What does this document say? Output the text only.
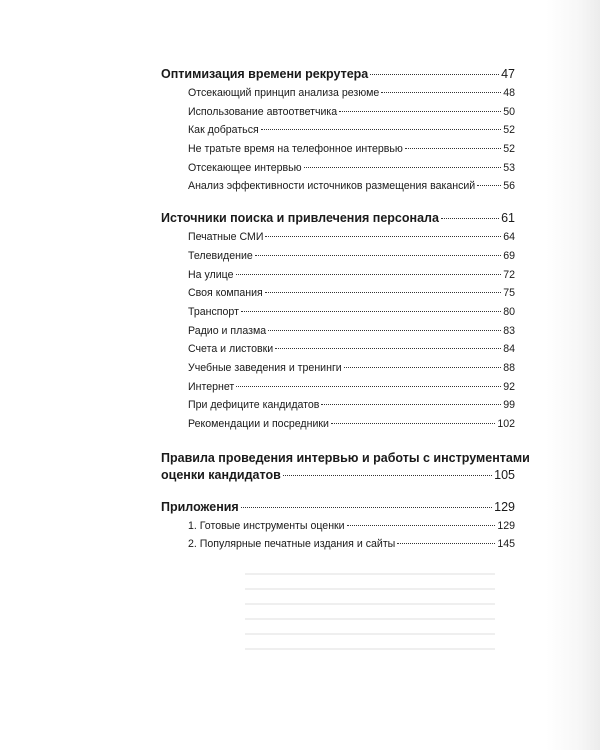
Оптимизация времени рекрутера	47
Отсекающий принцип анализа резюме	48
Использование автоответчика	50
Как добраться	52
Не тратьте время на телефонное интервью	52
Отсекающее интервью	53
Анализ эффективности источников размещения вакансий	56
Источники поиска и привлечения персонала	61
Печатные СМИ	64
Телевидение	69
На улице	72
Своя компания	75
Транспорт	80
Радио и плазма	83
Счета и листовки	84
Учебные заведения и тренинги	88
Интернет	92
При дефиците кандидатов	99
Рекомендации и посредники	102
Правила проведения интервью и работы с инструментами
оценки кандидатов	105
Приложения	129
1. Готовые инструменты оценки	129
2. Популярные печатные издания и сайты	145
